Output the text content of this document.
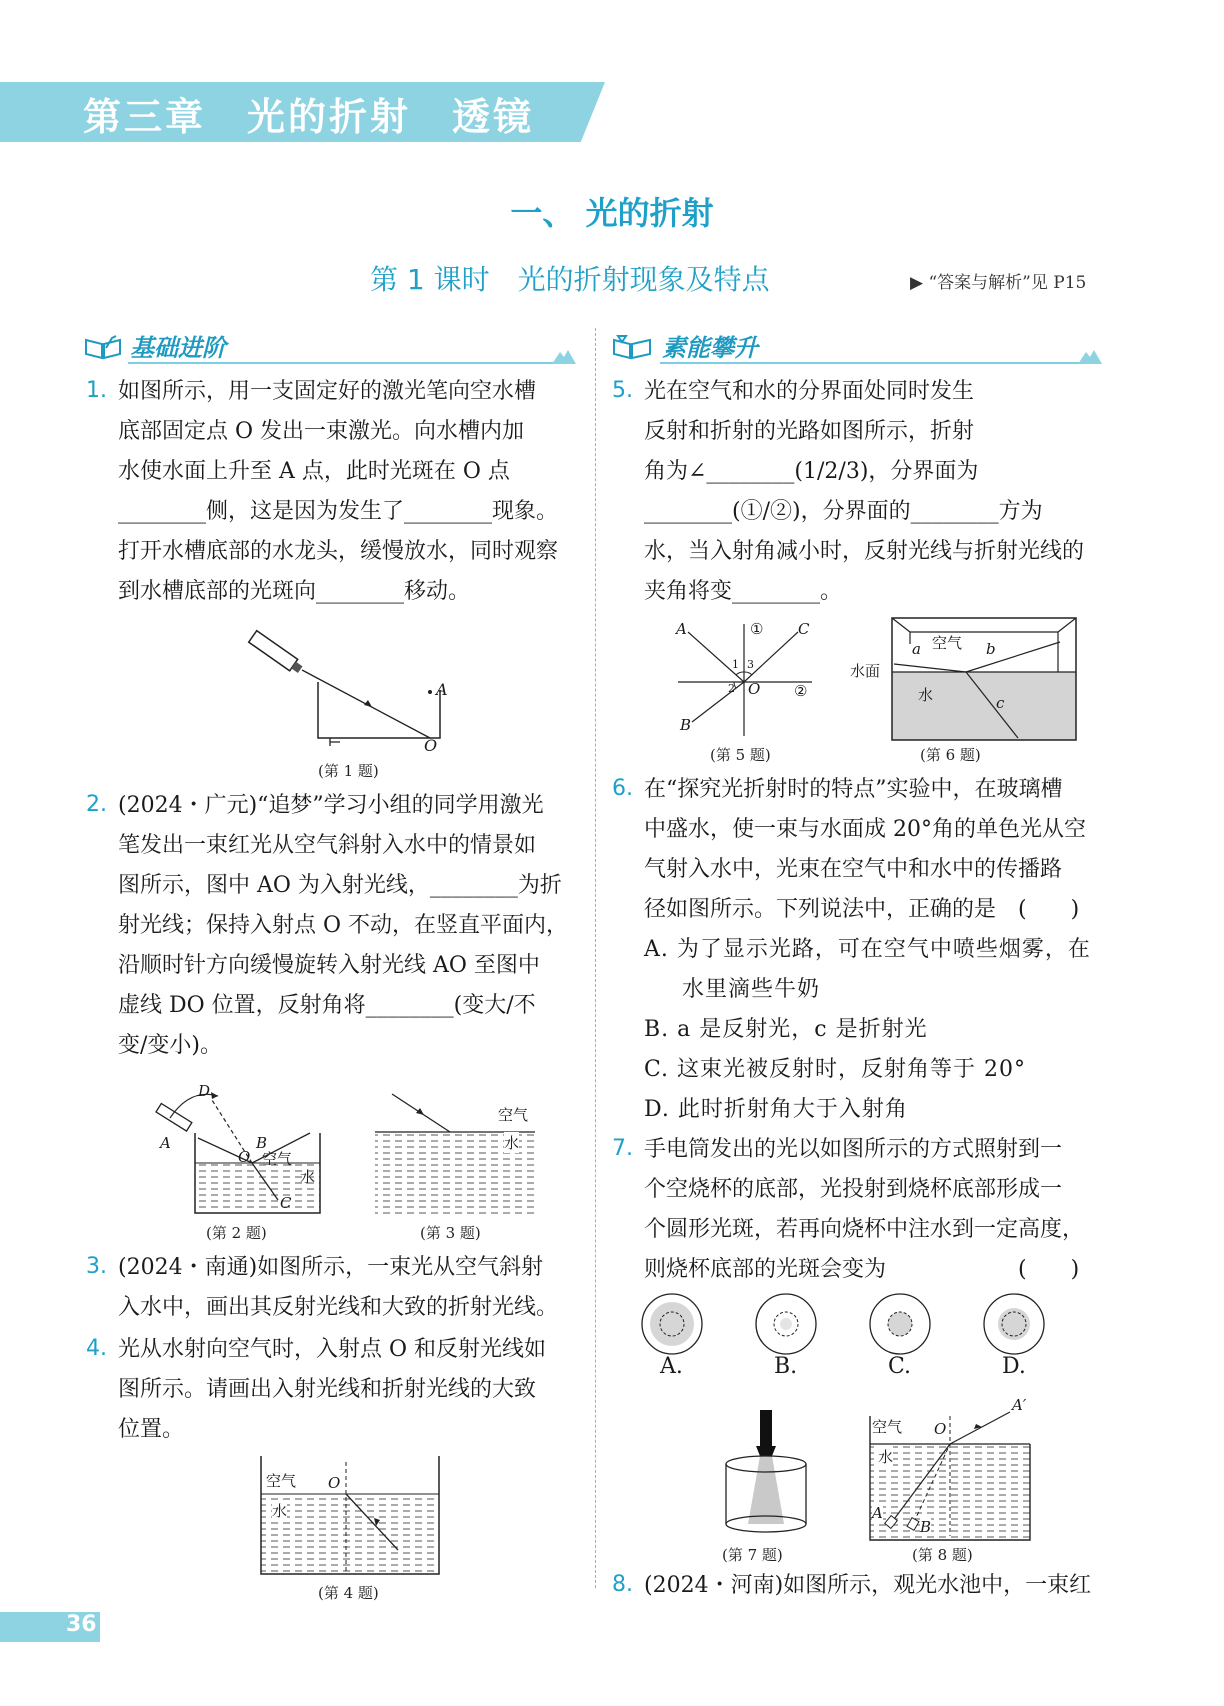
第三章　光的折射　透镜
一、 光的折射
第 1 课时　光的折射现象及特点	▶ “答案与解析”见 P15
基础进阶	素能攀升
1. 如图所示，用一支固定好的激光笔向空水槽
底部固定点 O 发出一束激光。向水槽内加
水使水面上升至 A 点，此时光斑在 O 点
________侧，这是因为发生了________现象。
打开水槽底部的水龙头，缓慢放水，同时观察
到水槽底部的光斑向________移动。
A
O
(第 1 题)
2. (2024・广元)“追梦”学习小组的同学用激光
笔发出一束红光从空气斜射入水中的情景如
图所示，图中 AO 为入射光线，________为折
射光线；保持入射点 O 不动，在竖直平面内，
沿顺时针方向缓慢旋转入射光线 AO 至图中
虚线 DO 位置，反射角将________(变大/不
变/变小)。
D
A	B
O 空气
水
C
(第 2 题)
空气
水
(第 3 题)
3. (2024・南通)如图所示，一束光从空气斜射
入水中，画出其反射光线和大致的折射光线。
4. 光从水射向空气时，入射点 O 和反射光线如
图所示。请画出入射光线和折射光线的大致
位置。
空气
水
O
(第 4 题)
5. 光在空气和水的分界面处同时发生
反射和折射的光路如图所示，折射
角为∠________(1/2/3)，分界面为
________(①/②)，分界面的________方为
水，当入射角减小时，反射光线与折射光线的
夹角将变________。
A	① C
1 3
2 O ②
B
(第 5 题)
空气
a	b
水面
水	c
(第 6 题)
6. 在“探究光折射时的特点”实验中，在玻璃槽
中盛水，使一束与水面成 20°角的单色光从空
气射入水中，光束在空气中和水中的传播路
径如图所示。下列说法中，正确的是　(　　)
A. 为了显示光路，可在空气中喷些烟雾，在
水里滴些牛奶
B. a 是反射光，c 是折射光
C. 这束光被反射时，反射角等于 20°
D. 此时折射角大于入射角
7. 手电筒发出的光以如图所示的方式照射到一
个空烧杯的底部，光投射到烧杯底部形成一
个圆形光斑，若再向烧杯中注水到一定高度，
则烧杯底部的光斑会变为　　　　　　(　　)
A.	B.	C.	D.
(第 7 题)
空气
水
O
A′
A
B
(第 8 题)
8. (2024・河南)如图所示，观光水池中，一束红
36
